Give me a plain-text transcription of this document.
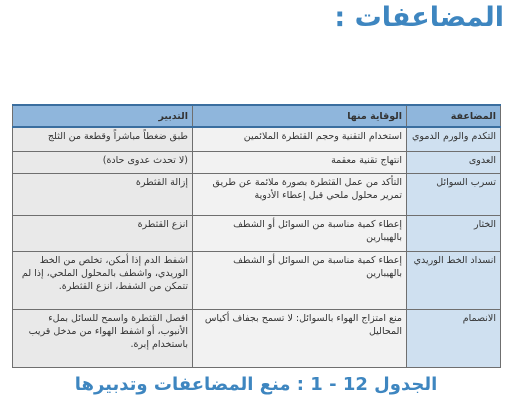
المضاعفات :
المضاعفة	الوقاية منها	التدبير
التكدم والورم الدموي	استخدام التقنية وحجم القثطرة الملائمين	طبق ضغطاً مباشراً وقطعة من الثلج
العدوى	انتهاج تقنية معقمة	(لا تحدث عدوى حادة)
تسرب السوائل	التأكد من عمل القثطرة بصورة ملائمة عن طريق تمرير محلول ملحي قبل إعطاء الأدوية	إزالة القثطرة
الخثار	إعطاء كمية مناسبة من السوائل أو الشطف بالهيبارين	انزع القثطرة
انسداد الخط الوريدي	إعطاء كمية مناسبة من السوائل أو الشطف بالهيبارين	اشفط الدم إذا أمكن، تخلص من الخط الوريدي، واشطف بالمحلول الملحي، إذا لم تتمكن من الشفط، انزع القثطرة.
الانصمام	منع امتزاج الهواء بالسوائل: لا تسمح بجفاف أكياس المحاليل	افصل القثطرة واسمح للسائل بملء الأنبوب، أو اشفط الهواء من مدخل قريب باستخدام إبرة.
الجدول 12 - 1 : منع المضاعفات وتدبيرها
